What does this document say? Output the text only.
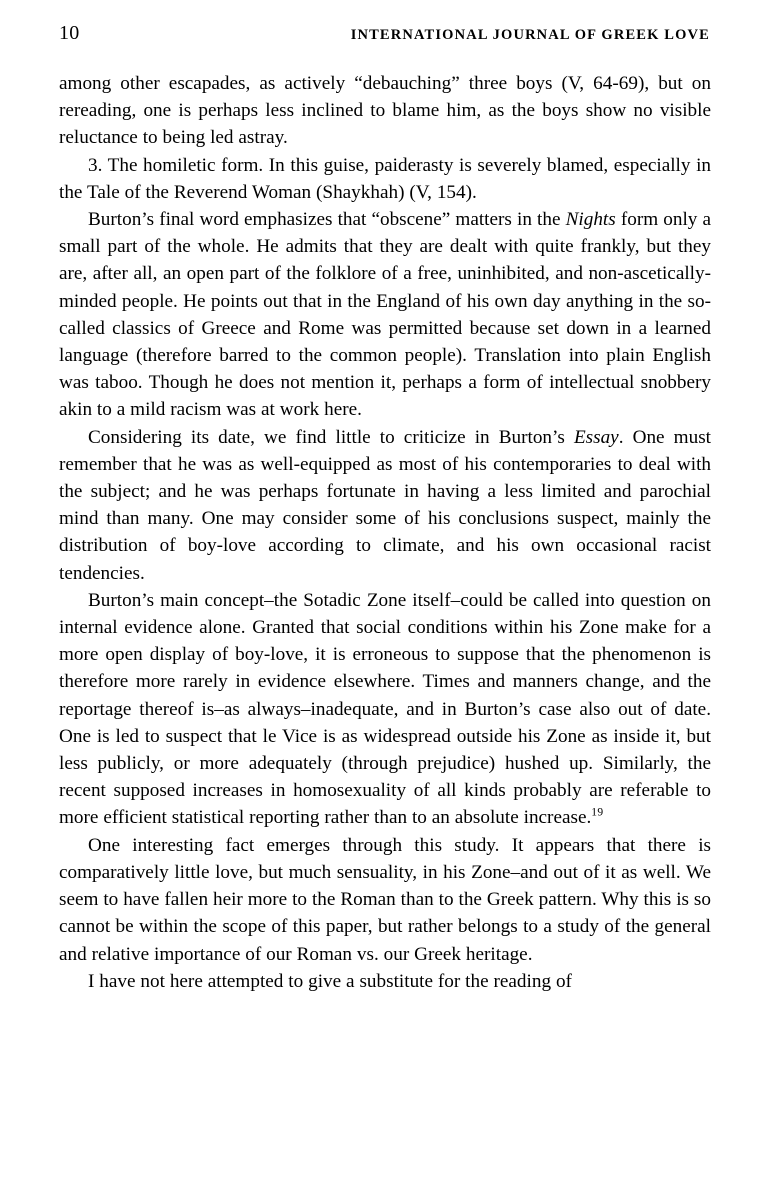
10	INTERNATIONAL JOURNAL OF GREEK LOVE

among other escapades, as actively “debauching” three boys (V, 64-69), but on rereading, one is perhaps less inclined to blame him, as the boys show no visible reluctance to being led astray.

3. The homiletic form. In this guise, paiderasty is severely blamed, especially in the Tale of the Reverend Woman (Shaykhah) (V, 154).

Burton’s final word emphasizes that “obscene” matters in the Nights form only a small part of the whole. He admits that they are dealt with quite frankly, but they are, after all, an open part of the folklore of a free, uninhibited, and non-ascetically-minded people. He points out that in the England of his own day anything in the so-called classics of Greece and Rome was permitted because set down in a learned language (therefore barred to the common people). Translation into plain English was taboo. Though he does not mention it, perhaps a form of intellectual snobbery akin to a mild racism was at work here.

Considering its date, we find little to criticize in Burton’s Essay. One must remember that he was as well-equipped as most of his contemporaries to deal with the subject; and he was perhaps fortunate in having a less limited and parochial mind than many. One may consider some of his conclusions suspect, mainly the distribution of boy-love according to climate, and his own occasional racist tendencies.

Burton’s main concept–the Sotadic Zone itself–could be called into question on internal evidence alone. Granted that social conditions within his Zone make for a more open display of boy-love, it is erroneous to suppose that the phenomenon is therefore more rarely in evidence elsewhere. Times and manners change, and the reportage thereof is–as always–inadequate, and in Burton’s case also out of date. One is led to suspect that le Vice is as widespread outside his Zone as inside it, but less publicly, or more adequately (through prejudice) hushed up. Similarly, the recent supposed increases in homosexuality of all kinds probably are referable to more efficient statistical reporting rather than to an absolute increase.$^{19}$

One interesting fact emerges through this study. It appears that there is comparatively little love, but much sensuality, in his Zone–and out of it as well. We seem to have fallen heir more to the Roman than to the Greek pattern. Why this is so cannot be within the scope of this paper, but rather belongs to a study of the general and relative importance of our Roman vs. our Greek heritage.

I have not here attempted to give a substitute for the reading of
